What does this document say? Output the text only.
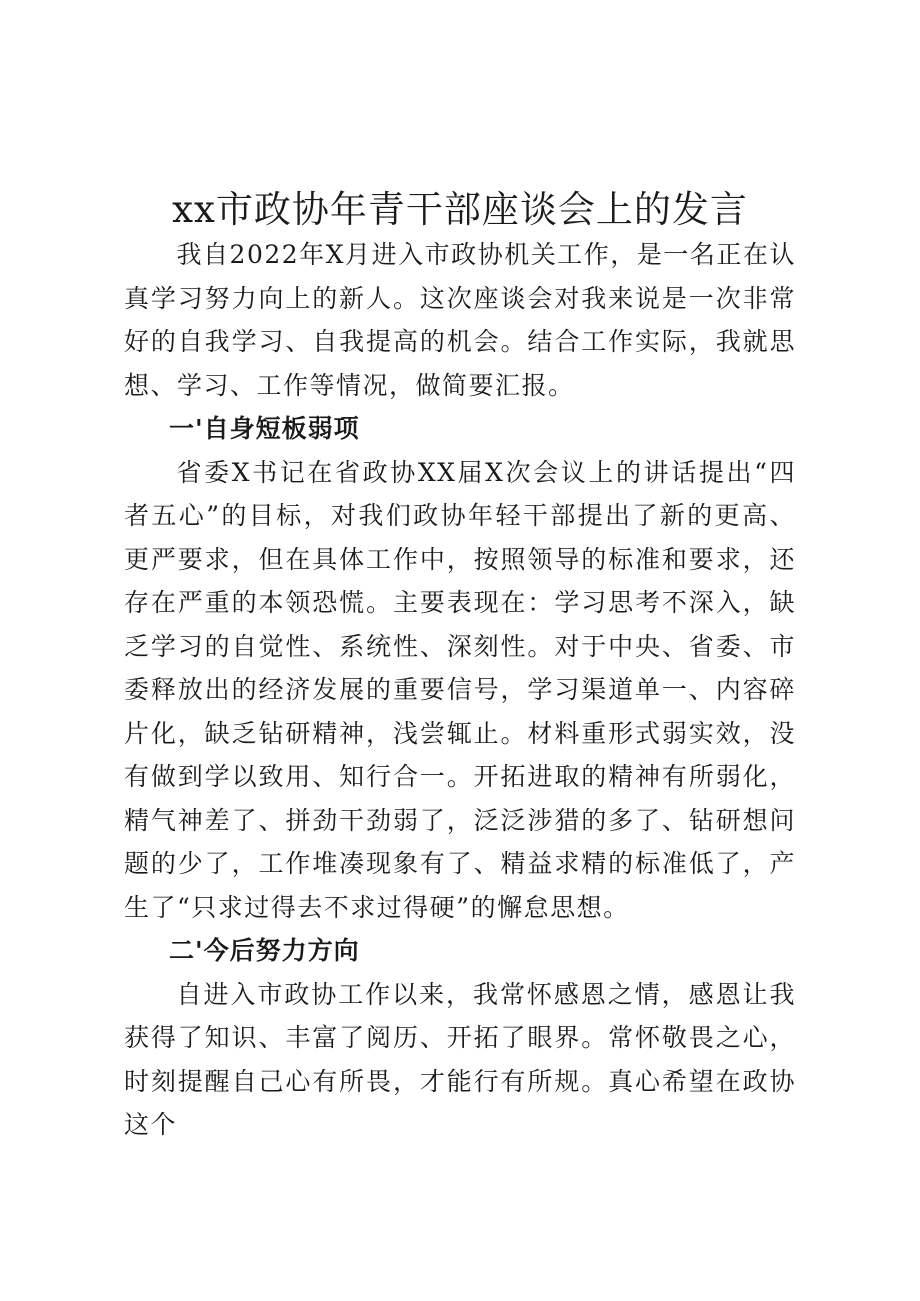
xx市政协年青干部座谈会上的发言

我自2022年X月进入市政协机关工作，是一名正在认真学习努力向上的新人。这次座谈会对我来说是一次非常好的自我学习、自我提高的机会。结合工作实际，我就思想、学习、工作等情况，做简要汇报。

一'自身短板弱项

省委X书记在省政协XX届X次会议上的讲话提出“四者五心”的目标，对我们政协年轻干部提出了新的更高、更严要求，但在具体工作中，按照领导的标准和要求，还存在严重的本领恐慌。主要表现在：学习思考不深入，缺乏学习的自觉性、系统性、深刻性。对于中央、省委、市委释放出的经济发展的重要信号，学习渠道单一、内容碎片化，缺乏钻研精神，浅尝辄止。材料重形式弱实效，没有做到学以致用、知行合一。开拓进取的精神有所弱化，精气神差了、拼劲干劲弱了，泛泛涉猎的多了、钻研想问题的少了，工作堆凑现象有了、精益求精的标准低了，产生了“只求过得去不求过得硬”的懈怠思想。

二'今后努力方向

自进入市政协工作以来，我常怀感恩之情，感恩让我获得了知识、丰富了阅历、开拓了眼界。常怀敬畏之心，时刻提醒自己心有所畏，才能行有所规。真心希望在政协这个
